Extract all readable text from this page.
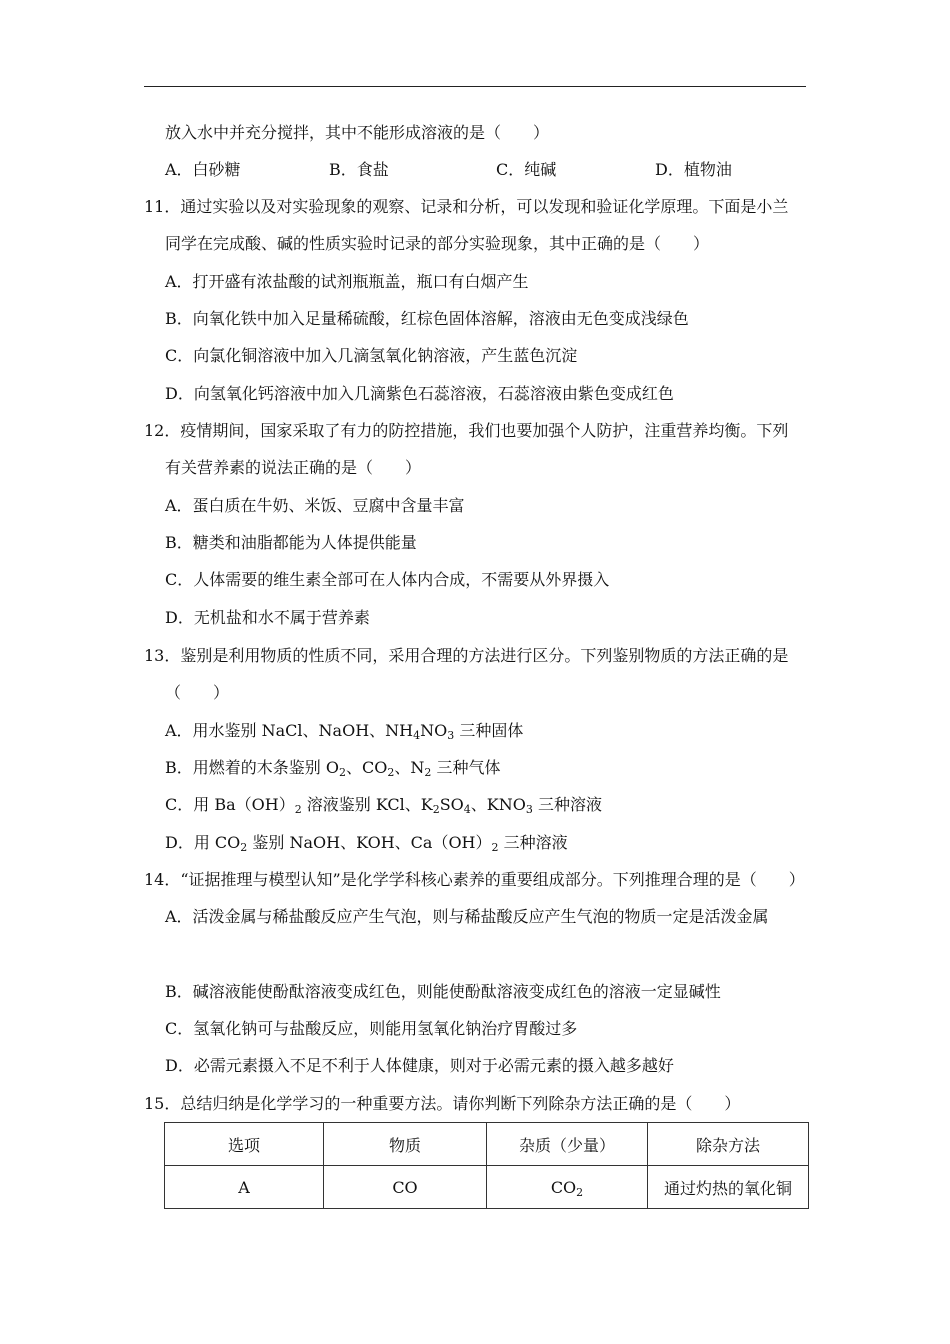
放入水中并充分搅拌，其中不能形成溶液的是（　　）
A．白砂糖	B．食盐	C．纯碱	D．植物油
11．通过实验以及对实验现象的观察、记录和分析，可以发现和验证化学原理。下面是小兰
同学在完成酸、碱的性质实验时记录的部分实验现象，其中正确的是（　　）
A．打开盛有浓盐酸的试剂瓶瓶盖，瓶口有白烟产生
B．向氧化铁中加入足量稀硫酸，红棕色固体溶解，溶液由无色变成浅绿色
C．向氯化铜溶液中加入几滴氢氧化钠溶液，产生蓝色沉淀
D．向氢氧化钙溶液中加入几滴紫色石蕊溶液，石蕊溶液由紫色变成红色
12．疫情期间，国家采取了有力的防控措施，我们也要加强个人防护，注重营养均衡。下列
有关营养素的说法正确的是（　　）
A．蛋白质在牛奶、米饭、豆腐中含量丰富
B．糖类和油脂都能为人体提供能量
C．人体需要的维生素全部可在人体内合成，不需要从外界摄入
D．无机盐和水不属于营养素
13．鉴别是利用物质的性质不同，采用合理的方法进行区分。下列鉴别物质的方法正确的是
（　　）
A．用水鉴别 NaCl、NaOH、$NH_4NO_3$ 三种固体
B．用燃着的木条鉴别 $O_2$、$CO_2$、$N_2$ 三种气体
C．用 $Ba(OH)_2$ 溶液鉴别 KCl、$K_2SO_4$、$KNO_3$ 三种溶液
D．用 $CO_2$ 鉴别 NaOH、KOH、$Ca(OH)_2$ 三种溶液
14．“证据推理与模型认知”是化学学科核心素养的重要组成部分。下列推理合理的是（　　）
A．活泼金属与稀盐酸反应产生气泡，则与稀盐酸反应产生气泡的物质一定是活泼金属
B．碱溶液能使酚酞溶液变成红色，则能使酚酞溶液变成红色的溶液一定显碱性
C．氢氧化钠可与盐酸反应，则能用氢氧化钠治疗胃酸过多
D．必需元素摄入不足不利于人体健康，则对于必需元素的摄入越多越好
15．总结归纳是化学学习的一种重要方法。请你判断下列除杂方法正确的是（　　）
选项	物质	杂质（少量）	除杂方法
A	CO	$CO_2$	通过灼热的氧化铜
